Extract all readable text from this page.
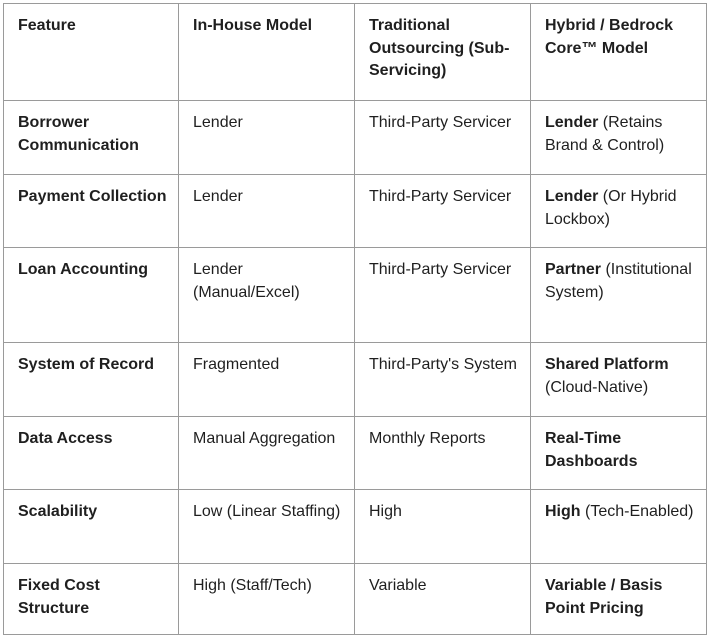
Feature	In-House Model	Traditional Outsourcing (Sub-Servicing)	Hybrid / Bedrock Core™ Model
Borrower Communication	Lender	Third-Party Servicer	Lender (Retains Brand & Control)
Payment Collection	Lender	Third-Party Servicer	Lender (Or Hybrid Lockbox)
Loan Accounting	Lender (Manual/Excel)	Third-Party Servicer	Partner (Institutional System)
System of Record	Fragmented	Third-Party's System	Shared Platform (Cloud-Native)
Data Access	Manual Aggregation	Monthly Reports	Real-Time Dashboards
Scalability	Low (Linear Staffing)	High	High (Tech-Enabled)
Fixed Cost Structure	High (Staff/Tech)	Variable	Variable / Basis Point Pricing
